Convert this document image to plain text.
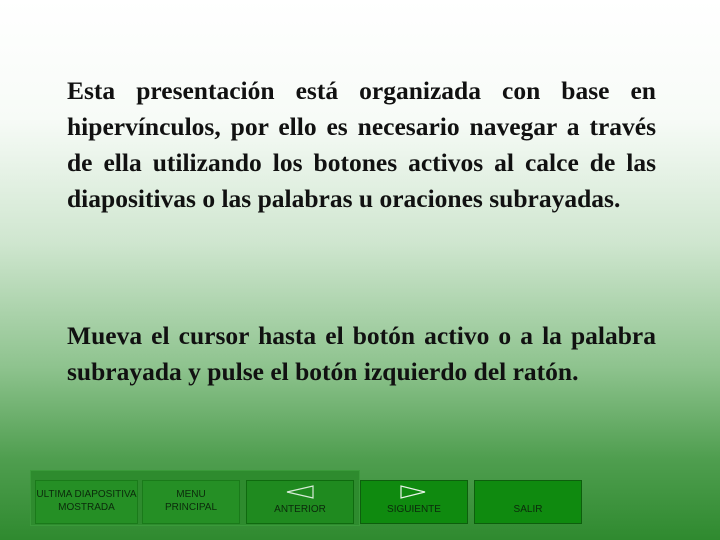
Esta presentación está organizada con base en hipervínculos, por ello es necesario navegar a través de ella utilizando los botones activos al calce de las diapositivas o las palabras u oraciones subrayadas.

Mueva el cursor hasta el botón activo o a la palabra subrayada y pulse el botón izquierdo del ratón.

ULTIMA DIAPOSITIVA
MOSTRADA
MENU
PRINCIPAL	ANTERIOR	SIGUIENTE	SALIR
